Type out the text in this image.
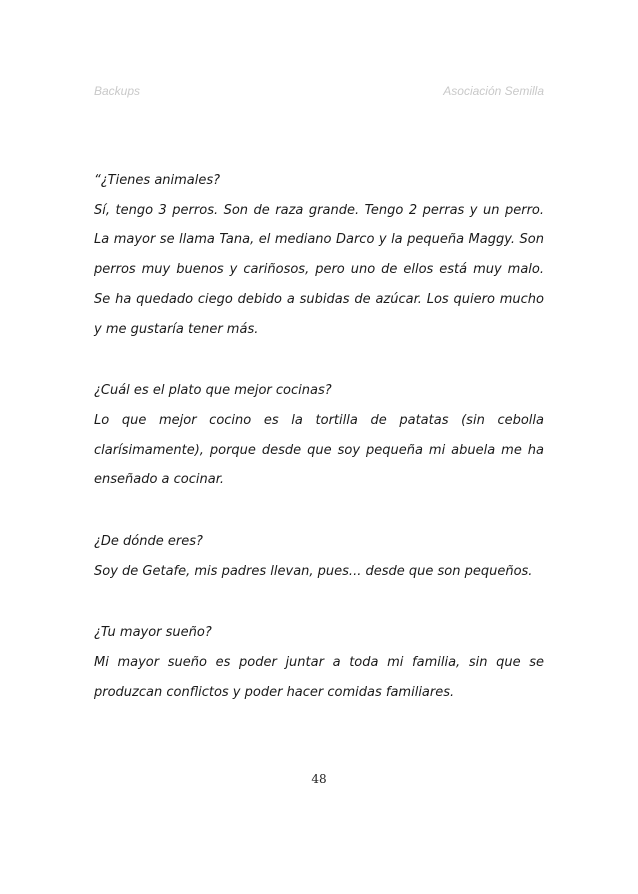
Backups	Asociación Semilla

“¿Tienes animales?

Sí, tengo 3 perros. Son de raza grande. Tengo 2 perras y un perro. La mayor se llama Tana, el mediano Darco y la pequeña Maggy. Son perros muy buenos y cariñosos, pero uno de ellos está muy malo. Se ha quedado ciego debido a subidas de azúcar. Los quiero mucho y me gustaría tener más.

¿Cuál es el plato que mejor cocinas?

Lo que mejor cocino es la tortilla de patatas (sin cebolla clarísimamente), porque desde que soy pequeña mi abuela me ha enseñado a cocinar.

¿De dónde eres?

Soy de Getafe, mis padres llevan, pues... desde que son pequeños.

¿Tu mayor sueño?

Mi mayor sueño es poder juntar a toda mi familia, sin que se produzcan conflictos y poder hacer comidas familiares.

48
